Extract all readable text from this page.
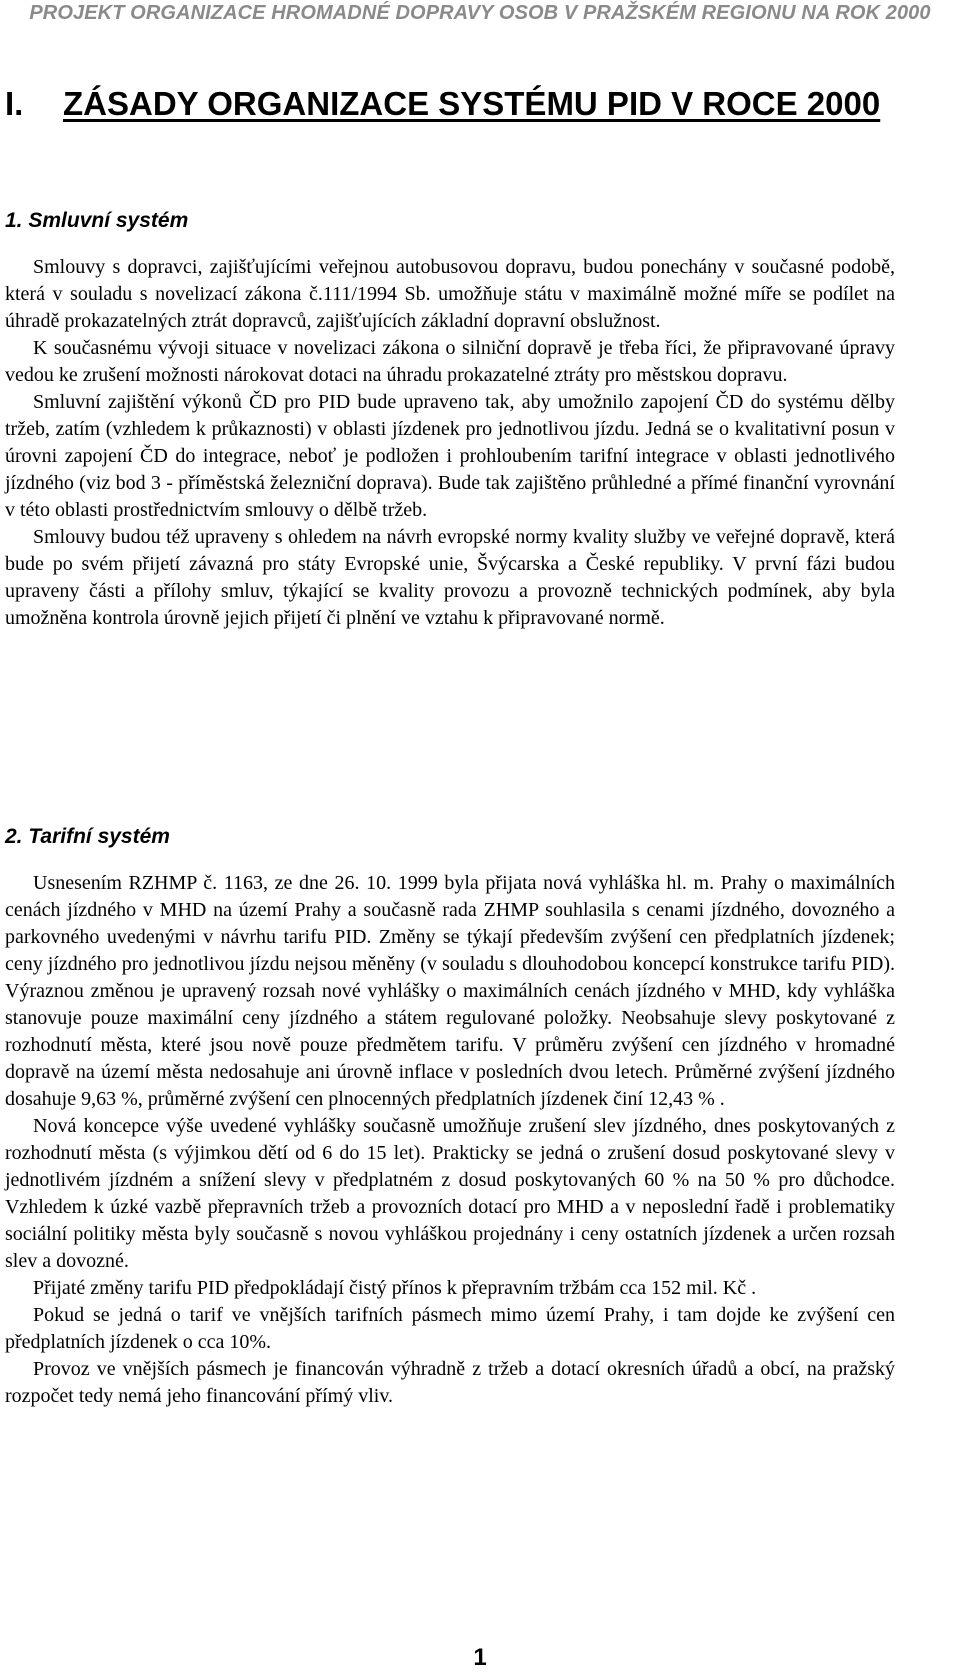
PROJEKT ORGANIZACE HROMADNÉ DOPRAVY OSOB V PRAŽSKÉM REGIONU NA ROK 2000
I. ZÁSADY ORGANIZACE SYSTÉMU PID V ROCE 2000
1. Smluvní systém

Smlouvy s dopravci, zajišťujícími veřejnou autobusovou dopravu, budou ponechány v současné podobě, která v souladu s novelizací zákona č.111/1994 Sb. umožňuje státu v maximálně možné míře se podílet na úhradě prokazatelných ztrát dopravců, zajišťujících základní dopravní obslužnost.

K současnému vývoji situace v novelizaci zákona o silniční dopravě je třeba říci, že připravované úpravy vedou ke zrušení možnosti nárokovat dotaci na úhradu prokazatelné ztráty pro městskou dopravu.

Smluvní zajištění výkonů ČD pro PID bude upraveno tak, aby umožnilo zapojení ČD do systému dělby tržeb, zatím (vzhledem k průkaznosti) v oblasti jízdenek pro jednotlivou jízdu. Jedná se o kvalitativní posun v úrovni zapojení ČD do integrace, neboť je podložen i prohloubením tarifní integrace v oblasti jednotlivého jízdného (viz bod 3 - příměstská železniční doprava). Bude tak zajištěno průhledné a přímé finanční vyrovnání v této oblasti prostřednictvím smlouvy o dělbě tržeb.

Smlouvy budou též upraveny s ohledem na návrh evropské normy kvality služby ve veřejné dopravě, která bude po svém přijetí závazná pro státy Evropské unie, Švýcarska a České republiky. V první fázi budou upraveny části a přílohy smluv, týkající se kvality provozu a provozně technických podmínek, aby byla umožněna kontrola úrovně jejich přijetí či plnění ve vztahu k připravované normě.

2. Tarifní systém

Usnesením RZHMP č. 1163, ze dne 26. 10. 1999 byla přijata nová vyhláška hl. m. Prahy o maximálních cenách jízdného v MHD na území Prahy a současně rada ZHMP souhlasila s cenami jízdného, dovozného a parkovného uvedenými v návrhu tarifu PID. Změny se týkají především zvýšení cen předplatních jízdenek; ceny jízdného pro jednotlivou jízdu nejsou měněny (v souladu s dlouhodobou koncepcí konstrukce tarifu PID). Výraznou změnou je upravený rozsah nové vyhlášky o maximálních cenách jízdného v MHD, kdy vyhláška stanovuje pouze maximální ceny jízdného a státem regulované položky. Neobsahuje slevy poskytované z rozhodnutí města, které jsou nově pouze předmětem tarifu. V průměru zvýšení cen jízdného v hromadné dopravě na území města nedosahuje ani úrovně inflace v posledních dvou letech. Průměrné zvýšení jízdného dosahuje 9,63 %, průměrné zvýšení cen plnocenných předplatních jízdenek činí 12,43 % .

Nová koncepce výše uvedené vyhlášky současně umožňuje zrušení slev jízdného, dnes poskytovaných z rozhodnutí města (s výjimkou dětí od 6 do 15 let). Prakticky se jedná o zrušení dosud poskytované slevy v jednotlivém jízdném a snížení slevy v předplatném z dosud poskytovaných 60 % na 50 % pro důchodce. Vzhledem k úzké vazbě přepravních tržeb a provozních dotací pro MHD a v neposlední řadě i problematiky sociální politiky města byly současně s novou vyhláškou projednány i ceny ostatních jízdenek a určen rozsah slev a dovozné.

Přijaté změny tarifu PID předpokládají čistý přínos k přepravním tržbám cca 152 mil. Kč .

Pokud se jedná o tarif ve vnějších tarifních pásmech mimo území Prahy, i tam dojde ke zvýšení cen předplatních jízdenek o cca 10%.

Provoz ve vnějších pásmech je financován výhradně z tržeb a dotací okresních úřadů a obcí, na pražský rozpočet tedy nemá jeho financování přímý vliv.

1
